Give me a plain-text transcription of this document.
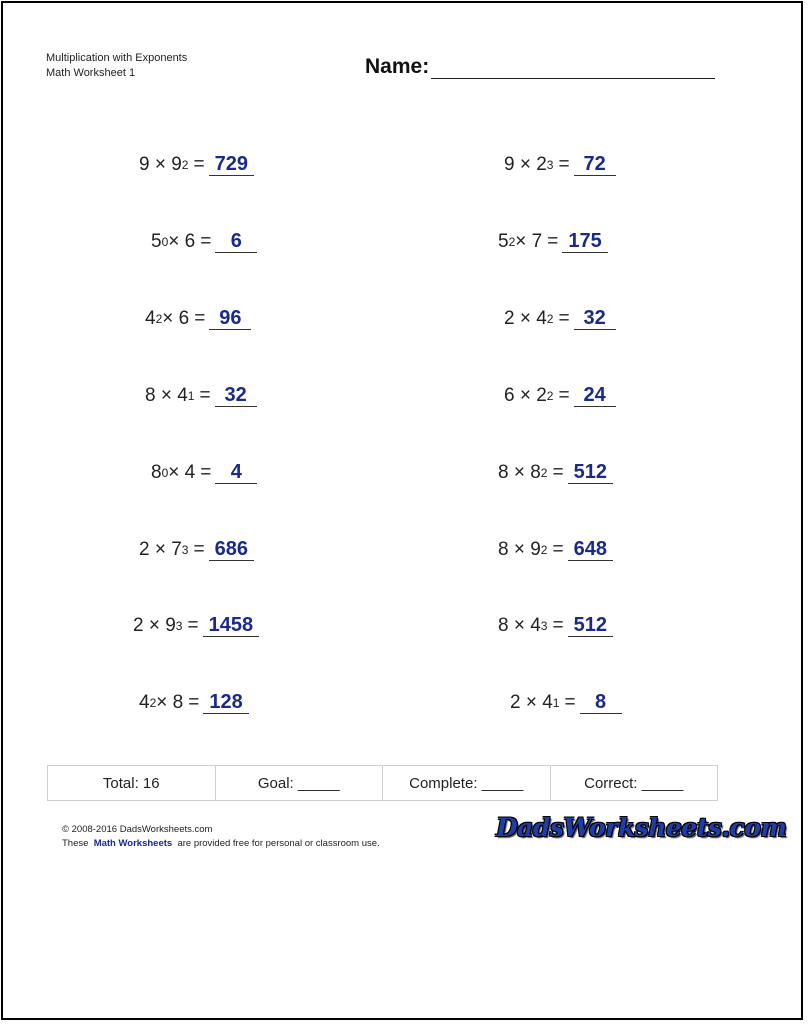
Multiplication with Exponents
Math Worksheet 1	Name:
$9 \times 9^2 = 729$	$9 \times 2^3 = 72$
$5^0 \times 6 = 6$	$5^2 \times 7 = 175$
$4^2 \times 6 = 96$	$2 \times 4^2 = 32$
$8 \times 4^1 = 32$	$6 \times 2^2 = 24$
$8^0 \times 4 = 4$	$8 \times 8^2 = 512$
$2 \times 7^3 = 686$	$8 \times 9^2 = 648$
$2 \times 9^3 = 1458$	$8 \times 4^3 = 512$
$4^2 \times 8 = 128$	$2 \times 4^1 = 8$
Total: 16	Goal: _____	Complete: _____	Correct: _____
© 2008-2016 DadsWorksheets.com
These Math Worksheets are provided free for personal or classroom use.
DadsWorksheets.com
